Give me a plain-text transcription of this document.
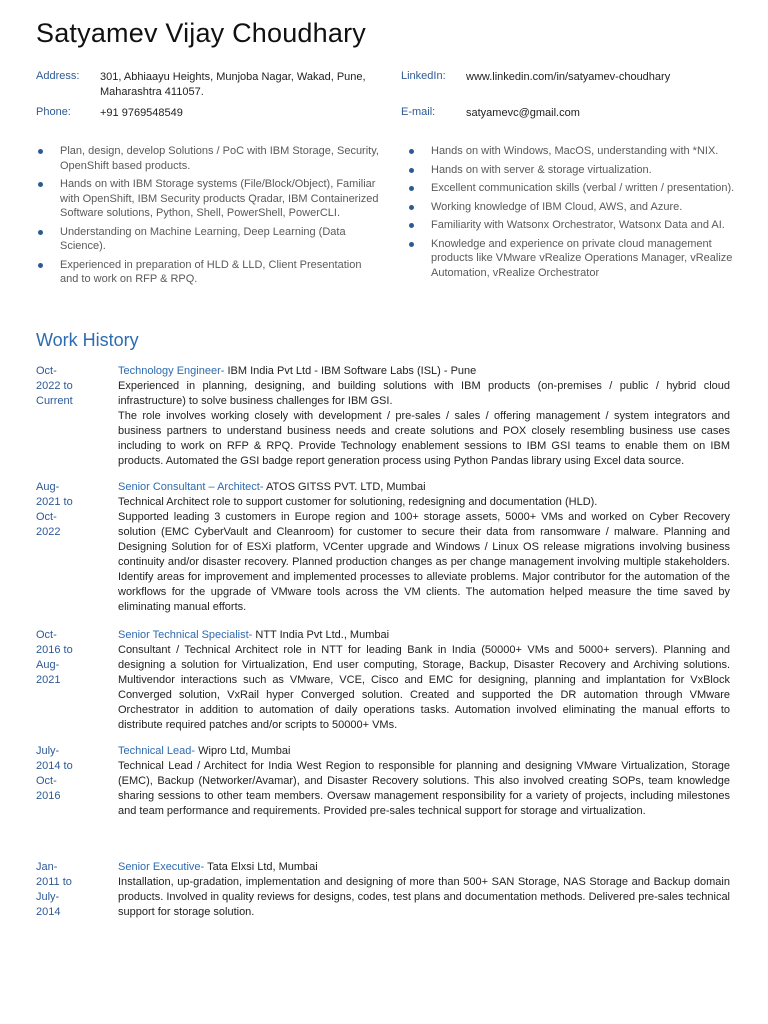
Satyamev Vijay Choudhary
Address: 301, Abhiaayu Heights, Munjoba Nagar, Wakad, Pune,
Maharashtra 411057.
LinkedIn: www.linkedin.com/in/satyamev-choudhary
Phone:	+91 9769548549	E-mail:	satyamevc@gmail.com
Plan, design, develop Solutions / PoC with IBM Storage, Security, OpenShift based products.
Hands on with IBM Storage systems (File/Block/Object), Familiar with OpenShift, IBM Security products Qradar, IBM Containerized Software solutions, Python, Shell, PowerShell, PowerCLI.
Understanding on Machine Learning, Deep Learning (Data Science).
Experienced in preparation of HLD & LLD, Client Presentation and to work on RFP & RPQ.
Hands on with Windows, MacOS, understanding with *NIX.
Hands on with server & storage virtualization.
Excellent communication skills (verbal / written / presentation).
Working knowledge of IBM Cloud, AWS, and Azure.
Familiarity with Watsonx Orchestrator, Watsonx Data and AI.
Knowledge and experience on private cloud management products like VMware vRealize Operations Manager, vRealize Automation, vRealize Orchestrator
Work History
Oct-
2022 to
Current
Technology Engineer- IBM India Pvt Ltd - IBM Software Labs (ISL) - Pune
Experienced in planning, designing, and building solutions with IBM products (on-premises / public / hybrid cloud infrastructure) to solve business challenges for IBM GSI.
The role involves working closely with development / pre-sales / sales / offering management / system integrators and business partners to understand business needs and create solutions and POX closely resembling business use cases including to work on RFP & RPQ. Provide Technology enablement sessions to IBM GSI teams to enable them on IBM products. Automated the GSI badge report generation process using Python Pandas library using Excel data source.
Aug-
2021 to
Oct-
2022
Senior Consultant – Architect- ATOS GITSS PVT. LTD, Mumbai
Technical Architect role to support customer for solutioning, redesigning and documentation (HLD).
Supported leading 3 customers in Europe region and 100+ storage assets, 5000+ VMs and worked on Cyber Recovery solution (EMC CyberVault and Cleanroom) for customer to secure their data from ransomware / malware. Planning and Designing Solution for of ESXi platform, VCenter upgrade and Windows / Linux OS release migrations involving business continuity and/or disaster recovery. Planned production changes as per change management involving multiple stakeholders. Identify areas for improvement and implemented processes to alleviate problems. Major contributor for the automation of the workflows for the upgrade of VMware tools across the VM clients. The automation helped measure the time saved by eliminating manual efforts.
Oct-
2016 to
Aug-
2021
Senior Technical Specialist- NTT India Pvt Ltd., Mumbai
Consultant / Technical Architect role in NTT for leading Bank in India (50000+ VMs and 5000+ servers). Planning and designing a solution for Virtualization, End user computing, Storage, Backup, Disaster Recovery and Archiving solutions. Multivendor interactions such as VMware, VCE, Cisco and EMC for designing, planning and implantation for VxBlock Converged solution, VxRail hyper Converged solution. Created and supported the DR automation through VMware Orchestrator in addition to automation of daily operations tasks. Automation involved eliminating the manual efforts to distribute required patches and/or scripts to 50000+ VMs.
July-
2014 to
Oct-
2016
Technical Lead- Wipro Ltd, Mumbai
Technical Lead / Architect for India West Region to responsible for planning and designing VMware Virtualization, Storage (EMC), Backup (Networker/Avamar), and Disaster Recovery solutions. This also involved creating SOPs, team knowledge sharing sessions to other team members. Oversaw management responsibility for a variety of projects, including milestones and team performance and requirements. Provided pre-sales technical support for storage and virtualization.
Jan-
2011 to
July-
2014
Senior Executive- Tata Elxsi Ltd, Mumbai
Installation, up-gradation, implementation and designing of more than 500+ SAN Storage, NAS Storage and Backup domain products. Involved in quality reviews for designs, codes, test plans and documentation methods. Delivered pre-sales technical support for storage solution.
